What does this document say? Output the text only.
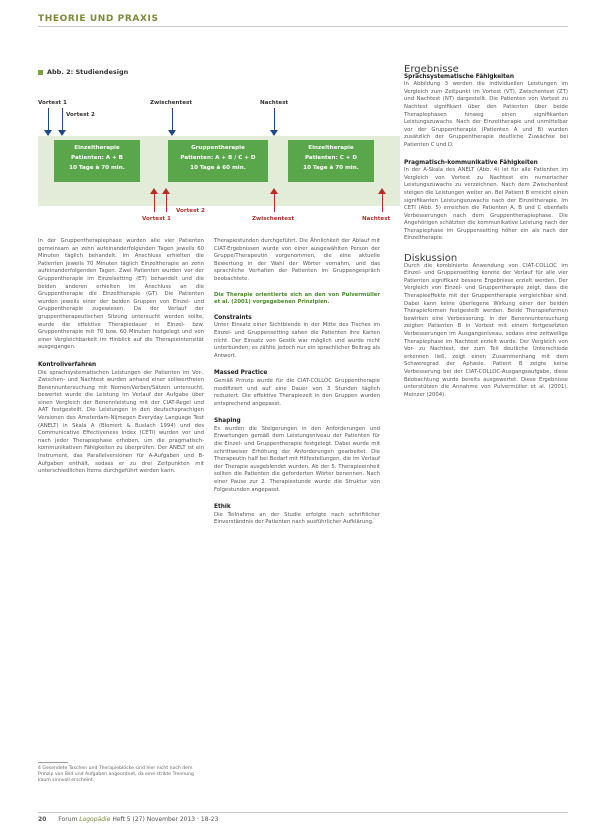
THEORIE UND PRAXIS
Abb. 2: Studiendesign
Vortest 1
Vortest 2
Zwischentest	Nachtest
Einzeltherapie
Patienten: A + B
10 Tage à 70 min.
Gruppentherapie
Patienten: A + B / C + D
10 Tage à 60 min.
Einzeltherapie
Patienten: C + D
10 Tage à 70 min.
Vortest 1
Vortest 2
Zwischentest	Nachtest

In der Gruppentherapiephase wurden alle vier Patienten gemeinsam an zehn aufeinanderfolgenden Tagen jeweils 60 Minuten täglich behandelt. Im Anschluss erhielten die Patienten jeweils 70 Minuten täglich Einzeltherapie an zehn aufeinanderfolgenden Tagen. Zwei Patienten wurden vor der Gruppentherapie im Einzelsetting (ET) behandelt und die beiden anderen erhielten im Anschluss an die Gruppentherapie die Einzeltherapie (GT). Die Patienten wurden jeweils einer der beiden Gruppen von Einzel- und Gruppentherapie zugewiesen. Da der Verlauf der gruppentherapeutischen Sitzung untersucht werden sollte, wurde die effektive Therapiedauer in Einzel- bzw. Gruppentherapie mit 70 bzw. 60 Minuten festgelegt und von einer Vergleichbarkeit im Hinblick auf die Therapieintensität ausgegangen.

Kontrollverfahren

Die sprachsystematischen Leistungen der Patienten im Vor-, Zwischen- und Nachtest wurden anhand einer sollwertfreien Benennuntersuchung mit Nomen/Verben/Sätzen untersucht, bewertet wurde die Leistung im Verlauf der Aufgabe über einen Vergleich der Benennleistung mit der CIAT-Regel und AAT festgestellt. Die Leistungen in den deutschsprachigen Versionen des Amsterdam-Nijmegen Everyday Language Test (ANELT) in Skala A (Blomert & Buslach 1994) und des Communicative Effectiveness Index (CETI) wurden vor und nach jeder Therapiephase erhoben, um die pragmatisch-kommunikativen Fähigkeiten zu überprüfen. Der ANELT ist ein Instrument, das Parallelversionen für A-Aufgaben und B-Aufgaben enthält, sodass er zu drei Zeitpunkten mit unterschiedlichen Items durchgeführt werden kann.

4 Gesendete Taschen und Therapieblöcke sind hier nicht nach dem Prinzip von Bild und Aufgaben angeordnet, da eine strikte Trennung kaum sinnvoll erscheint.

Therapiestunden durchgeführt. Die Ähnlichkeit der Ablauf mit CIAT-Ergebnissen wurde von einer ausgewählten Person der Gruppe/Therapeutin vorgenommen, die eine aktuelle Bewertung in der Wahl der Wörter vornahm, und das sprachliche Verhalten der Patienten im Gruppengespräch beobachtete.

Die Therapie orientierte sich an den von Pulvermüller et al. (2001) vorgegebenen Prinzipien.

Constraints

Unter Einsatz einer Sichtblende in der Mitte des Tisches im Einzel- und Gruppensetting sahen die Patienten ihre Karten nicht. Der Einsatz von Gestik war möglich und wurde nicht unterbunden; es zählte jedoch nur ein sprachlicher Beitrag als Antwort.

Massed Practice

Gemäß Prinzip wurde für die CIAT-COLLOC Gruppentherapie modifiziert und auf eine Dauer von 3 Stunden täglich reduziert. Die effektive Therapiezeit in den Gruppen wurden entsprechend angepasst.

Shaping

Es wurden die Steigerungen in den Anforderungen und Erwartungen gemäß dem Leistungsniveau der Patienten für die Einzel- und Gruppentherapie festgelegt. Dabei wurde mit schrittweiser Erhöhung der Anforderungen gearbeitet. Die Therapeutin half bei Bedarf mit Hilfestellungen, die im Verlauf der Therapie ausgeblendet wurden. Ab der 5. Therapieeinheit sollten die Patienten die geforderten Wörter benennen. Nach einer Pause zur 2. Therapiestunde wurde die Struktur von Folgestunden angepasst.

Ethik

Die Teilnahme an der Studie erfolgte nach schriftlicher Einverständnis der Patienten nach ausführlicher Aufklärung.

Ergebnisse

Sprachsystematische Fähigkeiten

In Abbildung 3 werden die individuellen Leistungen im Vergleich zum Zeitpunkt im Vortest (VT), Zwischentest (ZT) und Nachtest (NT) dargestellt. Die Patienten von Vortest zu Nachtest signifikant über den Patienten über beide Therapiephasen hinweg einen signifikanten Leistungszuwachs. Nach der Einzeltherapie und unmittelbar vor der Gruppentherapie (Patienten A und B) wurden zusätzlich der Gruppentherapie deutliche Zuwächse bei Patienten C und D.

Pragmatisch-kommunikative Fähigkeiten

In der A-Skala des ANELT (Abb. 4) ist für alle Patienten im Vergleich von Vortest zu Nachtest ein numerischer Leistungszuwachs zu verzeichnen. Nach dem Zwischentest steigen die Leistungen weiter an. Bei Patient B erreicht einen signifikanten Leistungszuwachs nach der Einzeltherapie. Im CETI (Abb. 5) erreichen die Patienten A, B und C ebenfalls Verbesserungen nach dem Gruppentherapiephase. Die Angehörigen schätzten die kommunikative Leistung nach der Therapiephase im Gruppensetting höher ein als nach der Einzeltherapie.

Diskussion

Durch die kombinierte Anwendung von CIAT-COLLOC im Einzel- und Gruppensetting konnte der Verlauf für alle vier Patienten signifikant bessere Ergebnisse erzielt werden. Der Vergleich von Einzel- und Gruppentherapie zeigt, dass die Therapieeffekte mit der Gruppentherapie vergleichbar sind. Dabei kann keine überlegene Wirkung einer der beiden Therapieformen festgestellt werden. Beide Therapieformen bewirken eine Verbesserung. In der Benennuntersuchung zeigten Patienten B in Vortest mit einem fortgesetzten Verbesserungen im Ausgangsniveau, sodass eine zeitweilige Therapiephase im Nachtest erzielt wurde. Der Vergleich von Vor- zu Nachtest, der zum Teil deutliche Unterschiede erkennen ließ, zeigt einen Zusammenhang mit dem Schweregrad der Aphasie. Patient B zeigte keine Verbesserung bei der CIAT-COLLOC-Ausgangsaufgabe, diese Beobachtung wurde bereits ausgewertet. Diese Ergebnisse unterstützen die Annahme von Pulvermüller et al. (2001), Meinzer (2004).

20 Forum Logopädie Heft 5 (27) November 2013 · 18-23
